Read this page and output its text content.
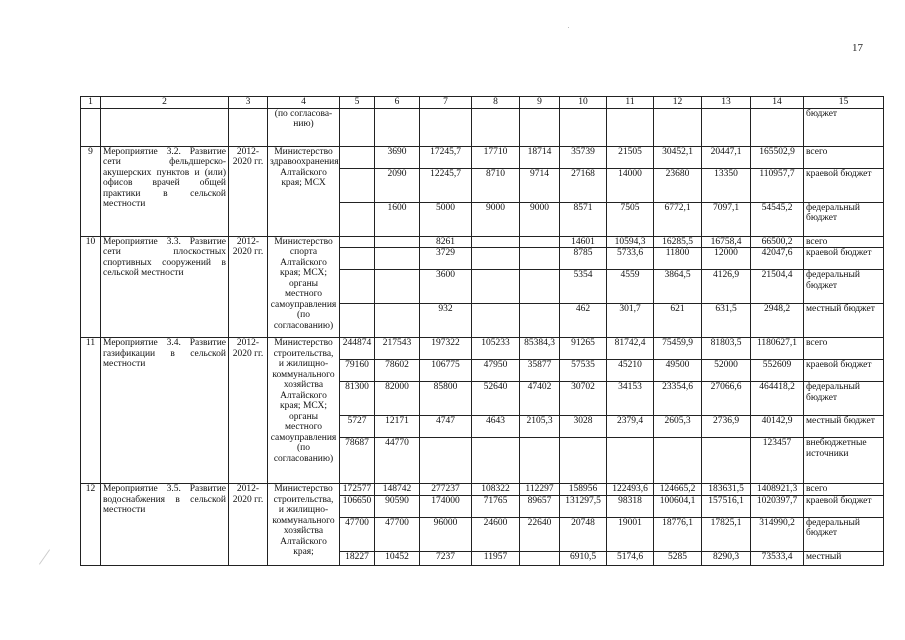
17
1	2	3	4	5	6	7	8	9	10	11	12	13	14	15
			(по согласова-нию)											бюджет
9	Мероприятие 3.2. Развитие сети фельдшерско-акушерских пунктов и (или) офисов врачей общей практики в сельской местности	2012-2020 гг.	Министерство здравоохранения Алтайского края; МСХ		3690	17245,7	17710	18714	35739	21505	30452,1	20447,1	165502,9	всего
					2090	12245,7	8710	9714	27168	14000	23680	13350	110957,7	краевой бюджет
					1600	5000	9000	9000	8571	7505	6772,1	7097,1	54545,2	федеральный бюджет
10	Мероприятие 3.3. Развитие сети плоскостных спортивных сооружений в сельской местности	2012-2020 гг.	Министерство спорта Алтайского края; МСХ; органы местного самоуправления (по согласованию)			8261			14601	10594,3	16285,5	16758,4	66500,2	всего
						3729			8785	5733,6	11800	12000	42047,6	краевой бюджет
						3600			5354	4559	3864,5	4126,9	21504,4	федеральный бюджет
						932			462	301,7	621	631,5	2948,2	местный бюджет
11	Мероприятие 3.4. Развитие газификации в сельской местности	2012-2020 гг.	Министерство строительства, и жилищно-коммунального хозяйства Алтайского края; МСХ; органы местного самоуправления (по согласованию)	244874	217543	197322	105233	85384,3	91265	81742,4	75459,9	81803,5	1180627,1	всего
				79160	78602	106775	47950	35877	57535	45210	49500	52000	552609	краевой бюджет
				81300	82000	85800	52640	47402	30702	34153	23354,6	27066,6	464418,2	федеральный бюджет
				5727	12171	4747	4643	2105,3	3028	2379,4	2605,3	2736,9	40142,9	местный бюджет
				78687	44770								123457	внебюджетные источники
12	Мероприятие 3.5. Развитие водоснабжения в сельской местности	2012-2020 гг.	Министерство строительства, и жилищно-коммунального хозяйства Алтайского края;	172577	148742	277237	108322	112297	158956	122493,6	124665,2	183631,5	1408921,3	всего
				106650	90590	174000	71765	89657	131297,5	98318	100604,1	157516,1	1020397,7	краевой бюджет
				47700	47700	96000	24600	22640	20748	19001	18776,1	17825,1	314990,2	федеральный бюджет
				18227	10452	7237	11957		6910,5	5174,6	5285	8290,3	73533,4	местный
